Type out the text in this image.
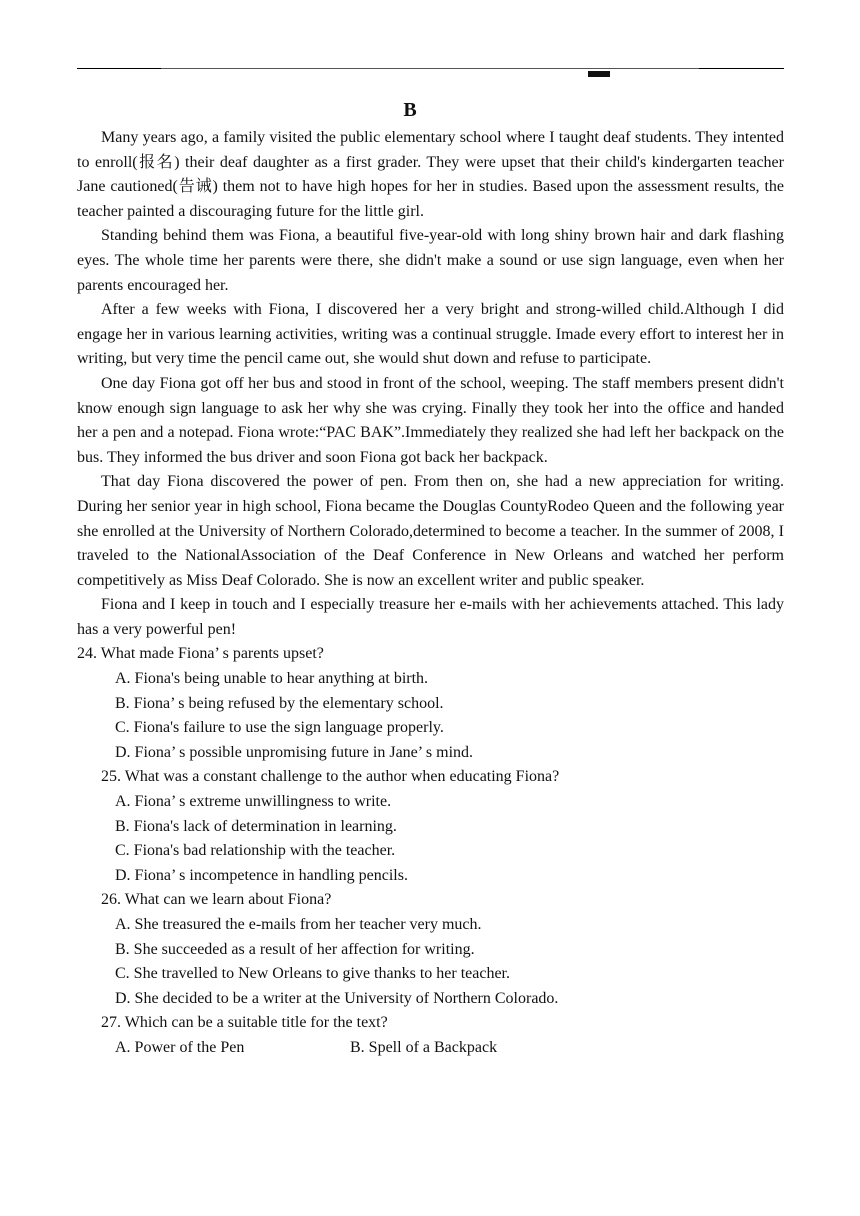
B

Many years ago, a family visited the public elementary school where I taught deaf students. They intented to enroll(报名) their deaf daughter as a first grader. They were upset that their child's kindergarten teacher Jane cautioned(告诫) them not to have high hopes for her in studies. Based upon the assessment results, the teacher painted a discouraging future for the little girl.

Standing behind them was Fiona, a beautiful five-year-old with long shiny brown hair and dark flashing eyes. The whole time her parents were there, she didn't make a sound or use sign language, even when her parents encouraged her.

After a few weeks with Fiona, I discovered her a very bright and strong-willed child.Although I did engage her in various learning activities, writing was a continual struggle. Imade every effort to interest her in writing, but very time the pencil came out, she would shut down and refuse to participate.

One day Fiona got off her bus and stood in front of the school, weeping. The staff members present didn't know enough sign language to ask her why she was crying. Finally they took her into the office and handed her a pen and a notepad. Fiona wrote:“PAC BAK”.Immediately they realized she had left her backpack on the bus. They informed the bus driver and soon Fiona got back her backpack.

That day Fiona discovered the power of pen. From then on, she had a new appreciation for writing. During her senior year in high school, Fiona became the Douglas CountyRodeo Queen and the following year she enrolled at the University of Northern Colorado,determined to become a teacher. In the summer of 2008, I traveled to the NationalAssociation of the Deaf Conference in New Orleans and watched her perform competitively as Miss Deaf Colorado. She is now an excellent writer and public speaker.

Fiona and I keep in touch and I especially treasure her e-mails with her achievements attached. This lady has a very powerful pen!

24. What made Fiona’ s parents upset?

A. Fiona's being unable to hear anything at birth.

B. Fiona’ s being refused by the elementary school.

C. Fiona's failure to use the sign language properly.

D. Fiona’ s possible unpromising future in Jane’ s mind.

25. What was a constant challenge to the author when educating Fiona?

A. Fiona’ s extreme unwillingness to write.

B. Fiona's lack of determination in learning.

C. Fiona's bad relationship with the teacher.

D. Fiona’ s incompetence in handling pencils.

26. What can we learn about Fiona?

A. She treasured the e-mails from her teacher very much.

B. She succeeded as a result of her affection for writing.

C. She travelled to New Orleans to give thanks to her teacher.

D. She decided to be a writer at the University of Northern Colorado.

27. Which can be a suitable title for the text?

A. Power of the Pen	B. Spell of a Backpack
